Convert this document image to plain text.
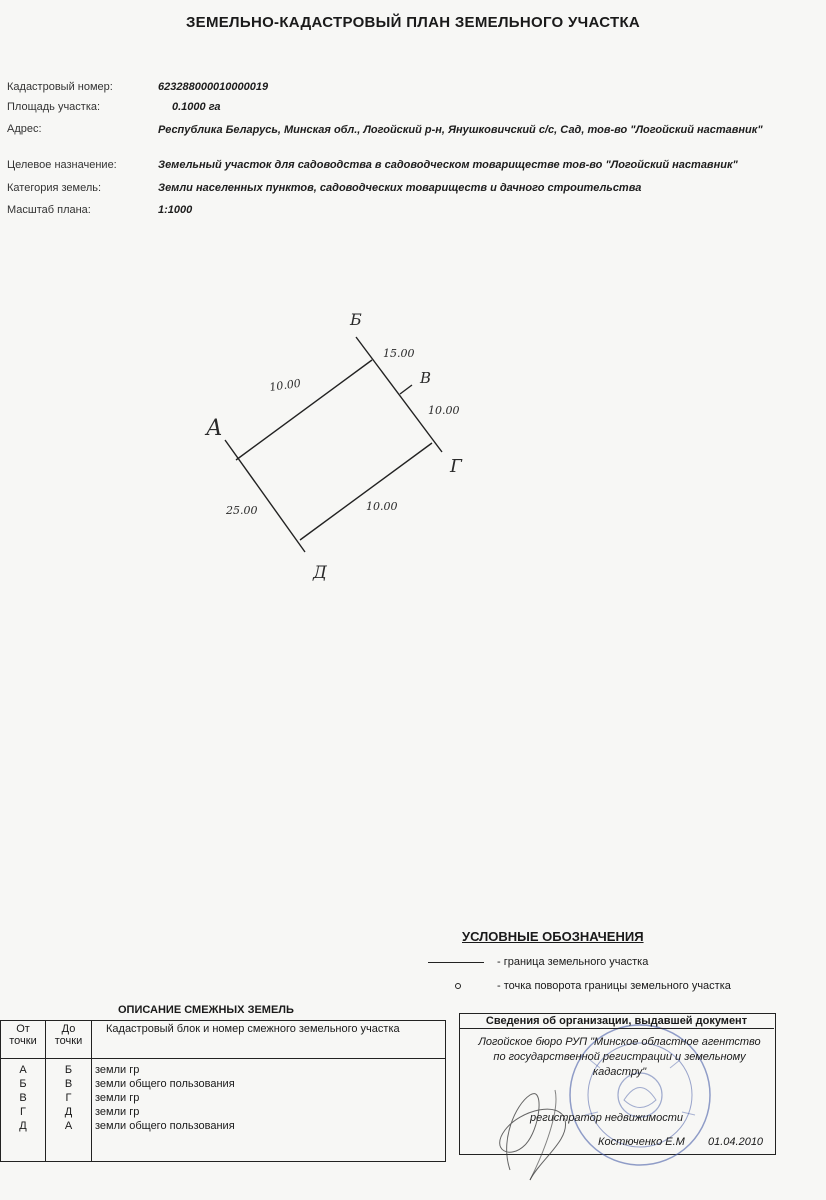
ЗЕМЕЛЬНО-КАДАСТРОВЫЙ ПЛАН ЗЕМЕЛЬНОГО УЧАСТКА
Кадастровый номер:	623288000010000019
Площадь участка:	0.1000 га
Адрес:	Республика Беларусь, Минская обл., Логойский р-н, Янушковичский с/с, Сад, тов-во "Логойский наставник"
Целевое назначение:	Земельный участок для садоводства в садоводческом товариществе тов-во "Логойский наставник"
Категория земель:	Земли населенных пунктов, садоводческих товариществ и дачного строительства
Масштаб плана:	1:1000
Б
В
Г
Д
А
10.00
15.00
10.00
10.00
25.00
УСЛОВНЫЕ ОБОЗНАЧЕНИЯ
- граница земельного участка
- точка поворота границы земельного участка
ОПИСАНИЕ СМЕЖНЫХ ЗЕМЕЛЬ
От точки	До точки	Кадастровый блок и номер смежного земельного участка
А	Б	земли гр
Б	В	земли общего пользования
В	Г	земли гр
Г	Д	земли гр
Д	А	земли общего пользования
Сведения об организации, выдавшей документ
Логойское бюро РУП "Минское областное агентство по государственной регистрации и земельному кадастру"
регистратор недвижимости
Костюченко Е.М 01.04.2010
